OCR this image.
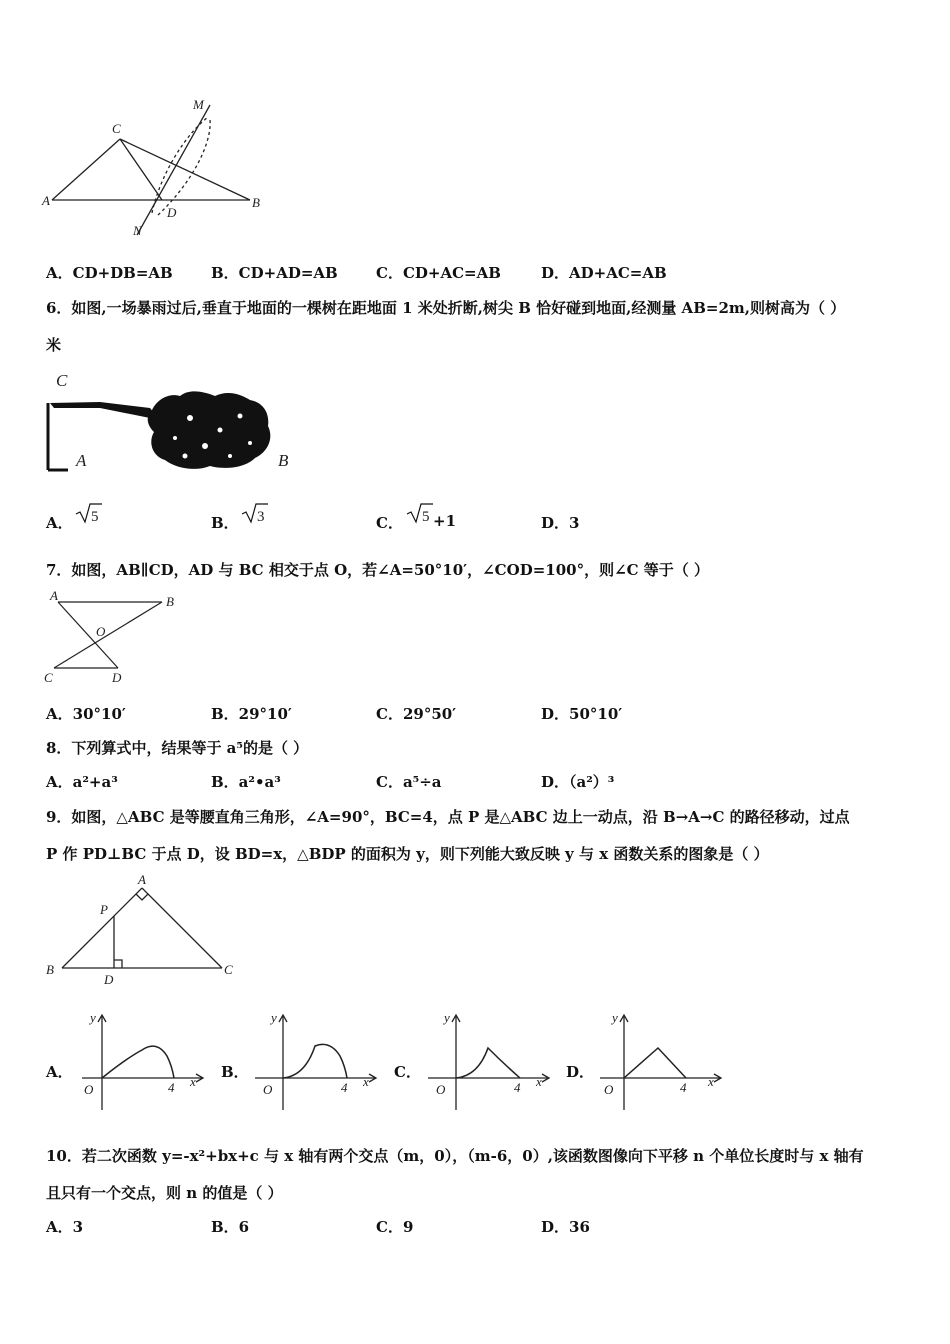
A	B
C
D
M
N
A．CD+DB=AB	B．CD+AD=AB	C．CD+AC=AB	D．AD+AC=AB
6．如图,一场暴雨过后,垂直于地面的一棵树在距地面 1 米处折断,树尖 B 恰好碰到地面,经测量 AB=2m,则树高为（ ）
米
C
A	B
A． 5	B． 3	C． 5 +1	D．3
7．如图，AB∥CD，AD 与 BC 相交于点 O，若∠A=50°10′，∠COD=100°，则∠C 等于（ ）
A	B
C	D
O
A．30°10′	B．29°10′	C．29°50′	D．50°10′
8．下列算式中，结果等于 a⁵的是（ ）
A．a²+a³	B．a²•a³	C．a⁵÷a	D．（a²）³
9．如图，△ABC 是等腰直角三角形，∠A=90°，BC=4，点 P 是△ABC 边上一动点，沿 B→A→C 的路径移动，过点
P 作 PD⊥BC 于点 D，设 BD=x，△BDP 的面积为 y，则下列能大致反映 y 与 x 函数关系的图象是（ ）
A
B	C
D
P
A．
y
x
O	4
B．
y
x
O	4
C．
y
x
O	4
D．
y
x
O	4
10．若二次函数 y=-x²+bx+c 与 x 轴有两个交点（m，0），（m-6，0）,该函数图像向下平移 n 个单位长度时与 x 轴有
且只有一个交点，则 n 的值是（ ）
A．3	B．6	C．9	D．36
